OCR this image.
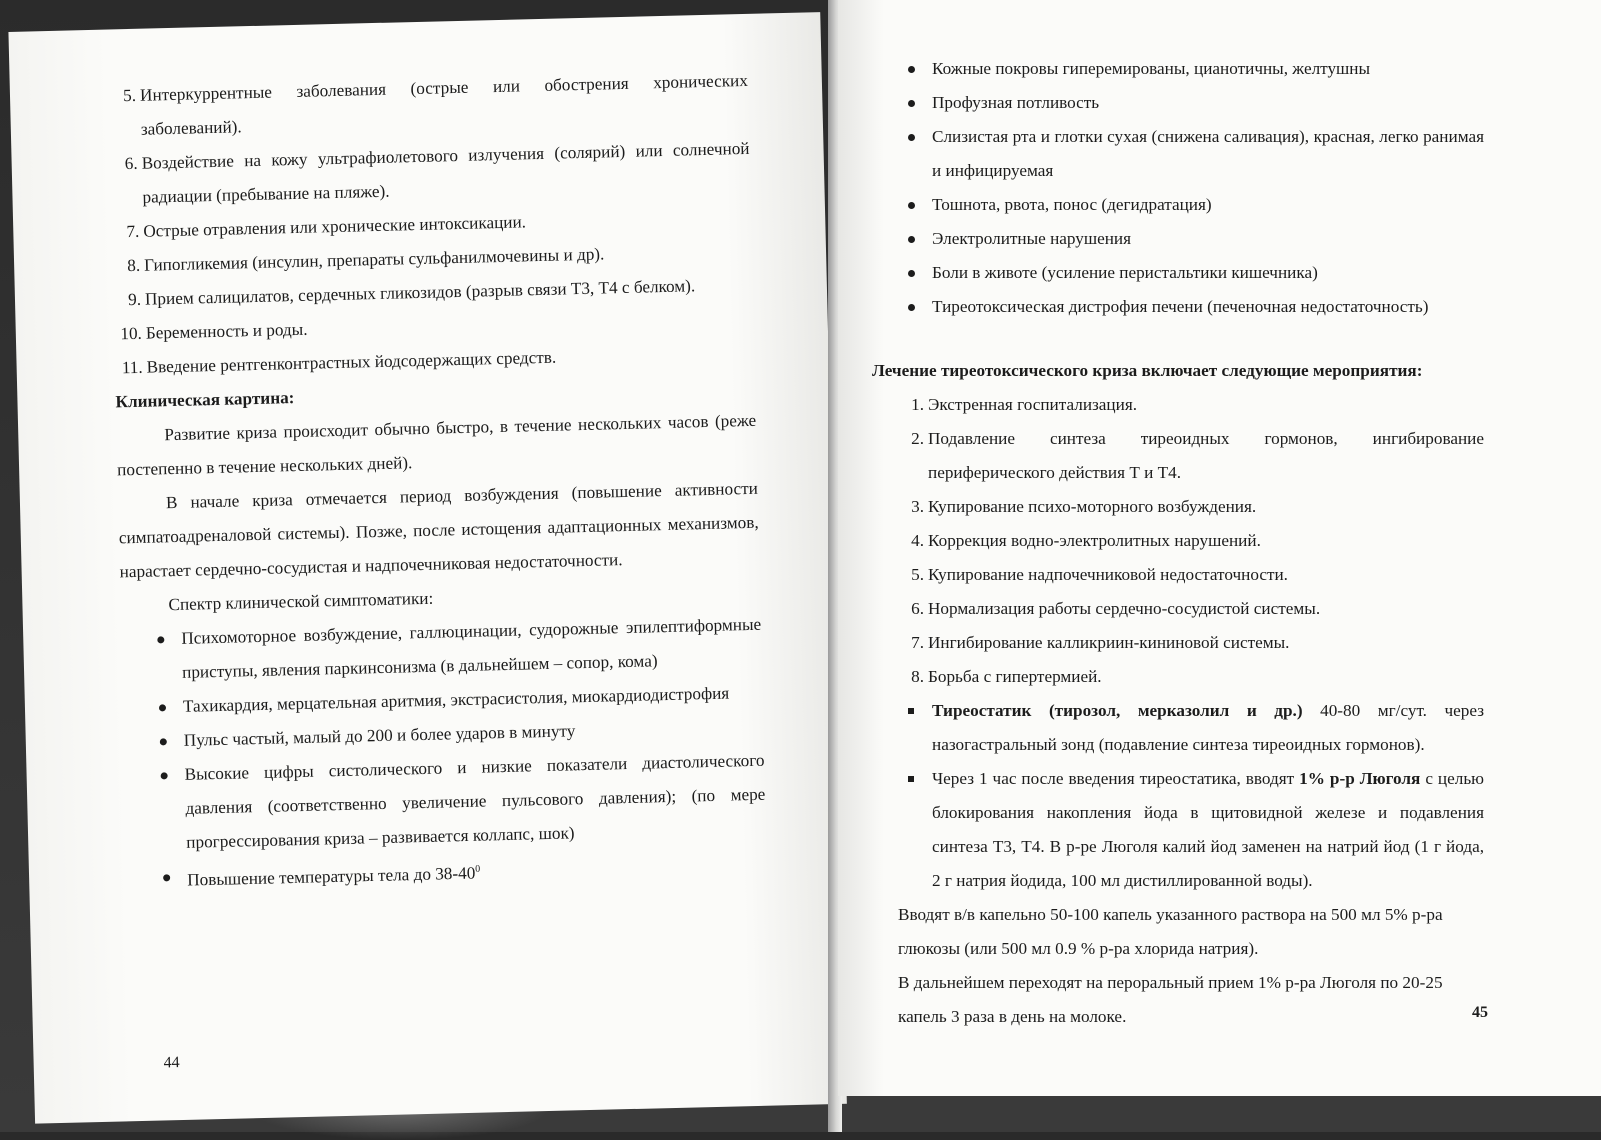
5. Интеркуррентные заболевания (острые или обострения хронических заболеваний).
6. Воздействие на кожу ультрафиолетового излучения (солярий) или солнечной радиации (пребывание на пляже).
7. Острые отравления или хронические интоксикации.
8. Гипогликемия (инсулин, препараты сульфанилмочевины и др).
9. Прием салицилатов, сердечных гликозидов (разрыв связи Т3, Т4 с белком).
10. Беременность и роды.
11. Введение рентгенконтрастных йодсодержащих средств.

Клиническая картина:

Развитие криза происходит обычно быстро, в течение нескольких часов (реже постепенно в течение нескольких дней).

В начале криза отмечается период возбуждения (повышение активности симпатоадреналовой системы). Позже, после истощения адаптационных механизмов, нарастает сердечно-сосудистая и надпочечниковая недостаточности.

Спектр клинической симптоматики:

Психомоторное возбуждение, галлюцинации, судорожные эпилептиформные приступы, явления паркинсонизма (в дальнейшем – сопор, кома)
Тахикардия, мерцательная аритмия, экстрасистолия, миокардиодистрофия
Пульс частый, малый до 200 и более ударов в минуту
Высокие цифры систолического и низкие показатели диастолического давления (соответственно увеличение пульсового давления); (по мере прогрессирования криза – развивается коллапс, шок)
Повышение температуры тела до $38-40^0$
44
Кожные покровы гиперемированы, цианотичны, желтушны
Профузная потливость
Слизистая рта и глотки сухая (снижена саливация), красная, легко ранимая и инфицируемая
Тошнота, рвота, понос (дегидратация)
Электролитные нарушения
Боли в животе (усиление перистальтики кишечника)
Тиреотоксическая дистрофия печени (печеночная недостаточность)

Лечение тиреотоксического криза включает следующие мероприятия:

1. Экстренная госпитализация.
2. Подавление синтеза тиреоидных гормонов, ингибирование периферического действия Т и Т4.
3. Купирование психо-моторного возбуждения.
4. Коррекция водно-электролитных нарушений.
5. Купирование надпочечниковой недостаточности.
6. Нормализация работы сердечно-сосудистой системы.
7. Ингибирование калликриин-кининовой системы.
8. Борьба с гипертермией.
Тиреостатик (тирозол, мерказолил и др.) 40-80 мг/сут. через назогастральный зонд (подавление синтеза тиреоидных гормонов).
Через 1 час после введения тиреостатика, вводят 1% р-р Люголя с целью блокирования накопления йода в щитовидной железе и подавления синтеза Т3, Т4. В р-ре Люголя калий йод заменен на натрий йод (1 г йода, 2 г натрия йодида, 100 мл дистиллированной воды).

Вводят в/в капельно 50-100 капель указанного раствора на 500 мл 5% р-ра глюкозы (или 500 мл 0.9 % р-ра хлорида натрия).

В дальнейшем переходят на пероральный прием 1% р-ра Люголя по 20-25 капель 3 раза в день на молоке.	45
